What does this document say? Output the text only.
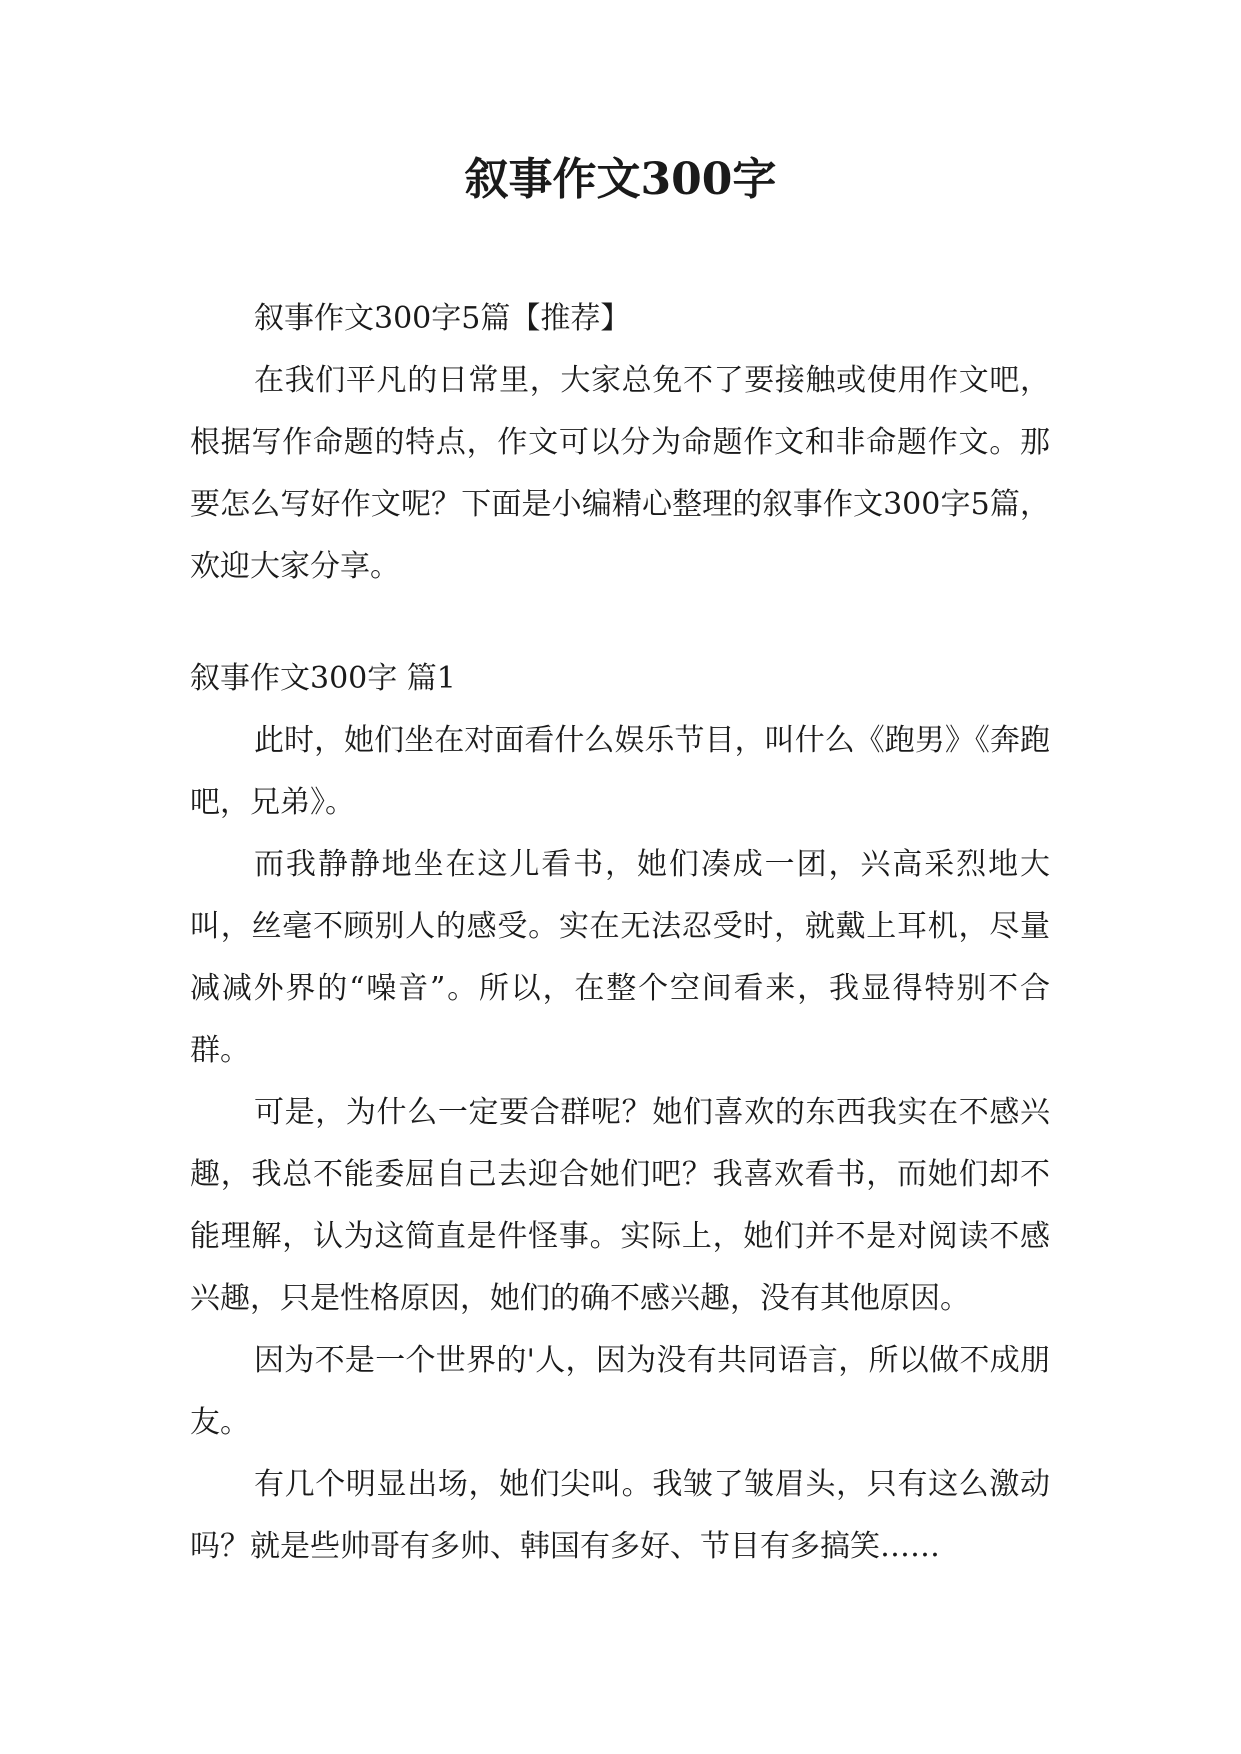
叙事作文300字

叙事作文300字5篇【推荐】

在我们平凡的日常里，大家总免不了要接触或使用作文吧，根据写作命题的特点，作文可以分为命题作文和非命题作文。那要怎么写好作文呢？下面是小编精心整理的叙事作文300字5篇，欢迎大家分享。

叙事作文300字 篇1

此时，她们坐在对面看什么娱乐节目，叫什么《跑男》《奔跑吧，兄弟》。

而我静静地坐在这儿看书，她们凑成一团，兴高采烈地大叫，丝毫不顾别人的感受。实在无法忍受时，就戴上耳机，尽量减减外界的“噪音”。所以，在整个空间看来，我显得特别不合群。

可是，为什么一定要合群呢？她们喜欢的东西我实在不感兴趣，我总不能委屈自己去迎合她们吧？我喜欢看书，而她们却不能理解，认为这简直是件怪事。实际上，她们并不是对阅读不感兴趣，只是性格原因，她们的确不感兴趣，没有其他原因。

因为不是一个世界的'人，因为没有共同语言，所以做不成朋友。

有几个明显出场，她们尖叫。我皱了皱眉头，只有这么激动吗？就是些帅哥有多帅、韩国有多好、节目有多搞笑……
